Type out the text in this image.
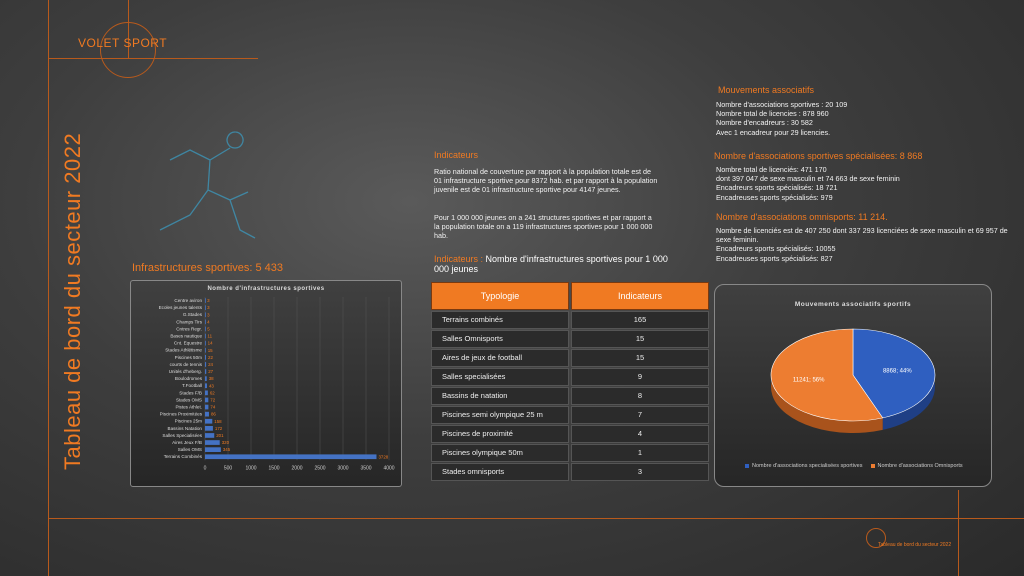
VOLET SPORT
Tableau de bord du secteur 2022	Indicateurs
Ratio national de couverture par rapport à la population totale est de 01 infrastructure sportive pour 8372 hab. et par rapport à la population juvenile est de 01 infrastructure sportive pour 4147 jeunes.
Pour 1 000 000 jeunes on a 241 structures sportives et par rapport a la population totale on a 119 infrastructures sportives pour 1 000 000 hab.
Mouvements associatifs
Nombre d'associations sportives : 20 109
Nombre total de licencies : 878 960
Nombre d'encadreurs : 30 582
Avec 1 encadreur pour 29 licencies.
Nombre d'associations sportives spécialisées: 8 868
Nombre total de licenciés: 471 170
dont 397 047 de sexe masculin et 74 663 de sexe feminin
Encadreurs sports spécialisés: 18 721
Encadreuses sports spécialisés: 979
Nombre d'associations omnisports: 11 214.
Nombre de licenciés est de 407 250 dont 337 293 licenciées de sexe masculin et 69 957 de sexe feminin.
Encadreurs sports spécialisés: 10055
Encadreuses sports spécialisés: 827
Infrastructures sportives: 5 433
Nombre d'infrastructures sportives
0	500	1000 1500 2000 2500 3000 3500 4000
Centre aviron 3
Ecoles jeunes talents 3
G.Stades 3
Champs Tirs 4
Cntres Regr. 5
Bases nautique 11
Cnt. Equestre 14
Stades Athlétisme 15
Piscines 50m 22
courts de tennis 24
Unités d'heberg. 27
Boulodromes 38
T.Football 43
Stades F/B 62
Stades OMS 72
Pistes Athlet. 74
Piscines Proximitées 86
Piscines 25m	158
Bassins Natation	172
Salles Specialisées	201
Aires Jeux F/B	320
Salles OMS	345
Terrains Combinés	3728
Indicateurs : Nombre d'infrastructures sportives pour 1 000 000 jeunes
Typologie	Indicateurs
Terrains combinés	165
Salles Omnisports	15
Aires de jeux de football	15
Salles specialisées	9
Bassins de natation	8
Piscines semi olympique 25 m	7
Piscines de proximité	4
Piscines olympique 50m	1
Stades omnisports	3
Mouvements associatifs sportifs
8868; 44%
11241; 56%
Nombre d'associations specialisées sportives	Nombre d'associations Omnisports
Tableau de bord du secteur 2022
